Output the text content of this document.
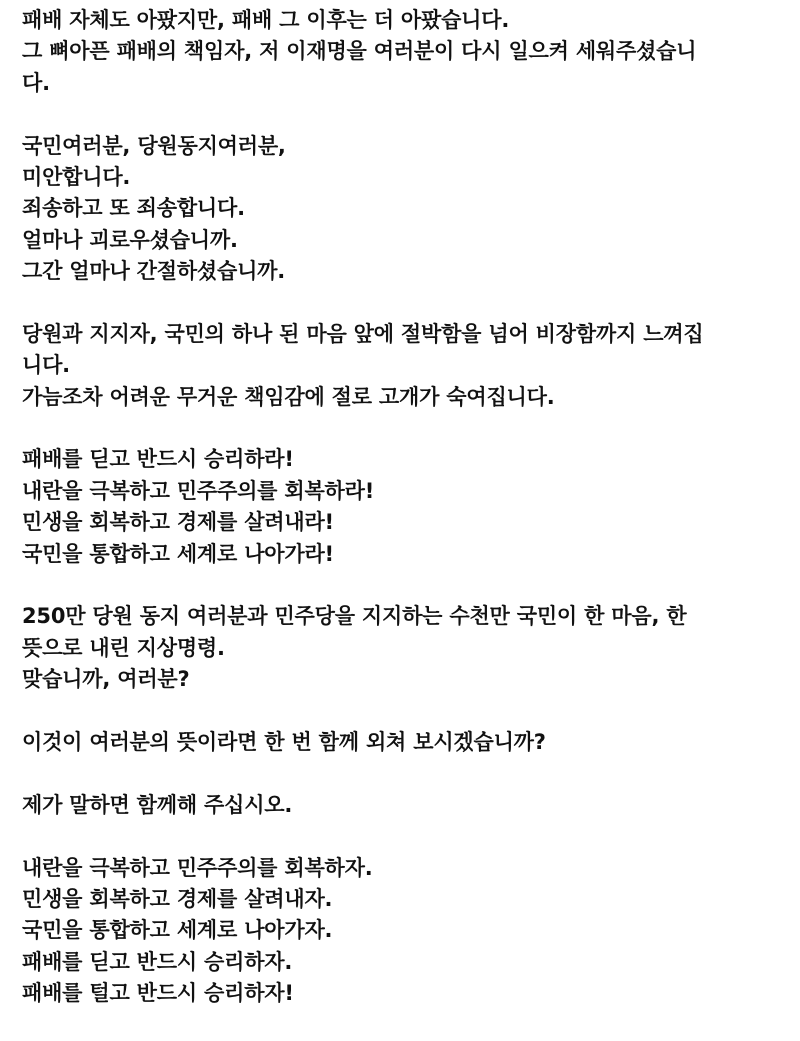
패배 자체도 아팠지만, 패배 그 이후는 더 아팠습니다.
그 뼈아픈 패배의 책임자, 저 이재명을 여러분이 다시 일으켜 세워주셨습니
다.
국민여러분, 당원동지여러분,
미안합니다.
죄송하고 또 죄송합니다.
얼마나 괴로우셨습니까.
그간 얼마나 간절하셨습니까.
당원과 지지자, 국민의 하나 된 마음 앞에 절박함을 넘어 비장함까지 느껴집
니다.
가늠조차 어려운 무거운 책임감에 절로 고개가 숙여집니다.
패배를 딛고 반드시 승리하라!
내란을 극복하고 민주주의를 회복하라!
민생을 회복하고 경제를 살려내라!
국민을 통합하고 세계로 나아가라!
250만 당원 동지 여러분과 민주당을 지지하는 수천만 국민이 한 마음, 한
뜻으로 내린 지상명령.
맞습니까, 여러분?
이것이 여러분의 뜻이라면 한 번 함께 외쳐 보시겠습니까?
제가 말하면 함께해 주십시오.
내란을 극복하고 민주주의를 회복하자.
민생을 회복하고 경제를 살려내자.
국민을 통합하고 세계로 나아가자.
패배를 딛고 반드시 승리하자.
패배를 털고 반드시 승리하자!
